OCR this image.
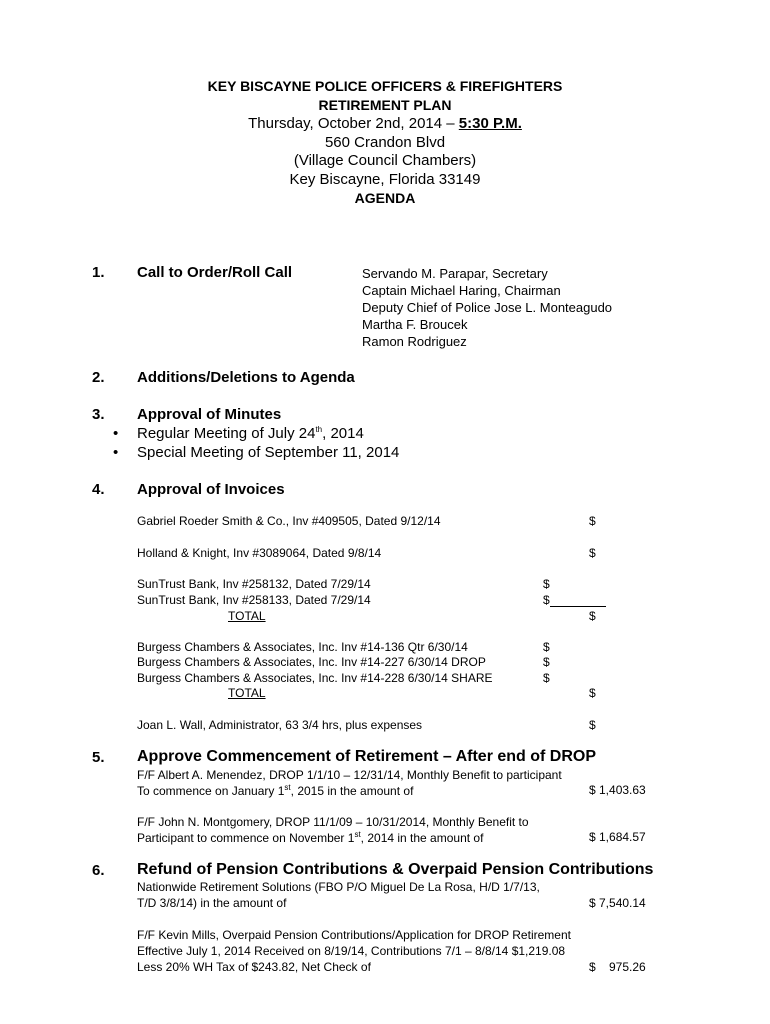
KEY BISCAYNE POLICE OFFICERS & FIREFIGHTERS
RETIREMENT PLAN
Thursday, October 2nd, 2014 – 5:30 P.M.
560 Crandon Blvd
(Village Council Chambers)
Key Biscayne, Florida 33149
AGENDA
1. Call to Order/Roll Call	Servando M. Parapar, Secretary
Captain Michael Haring, Chairman
Deputy Chief of Police Jose L. Monteagudo
Martha F. Broucek
Ramon Rodriguez
2. Additions/Deletions to Agenda
3. Approval of Minutes
• Regular Meeting of July 24th, 2014
• Special Meeting of September 11, 2014
4. Approval of Invoices
Gabriel Roeder Smith & Co., Inv #409505, Dated 9/12/14	$
Holland & Knight, Inv #3089064, Dated 9/8/14	$
SunTrust Bank, Inv #258132, Dated 7/29/14	$
SunTrust Bank, Inv #258133, Dated 7/29/14	$
TOTAL	$
Burgess Chambers & Associates, Inc. Inv #14-136 Qtr 6/30/14	$
Burgess Chambers & Associates, Inc. Inv #14-227 6/30/14 DROP	$
Burgess Chambers & Associates, Inc. Inv #14-228 6/30/14 SHARE	$
TOTAL	$
Joan L. Wall, Administrator, 63 3/4 hrs, plus expenses	$
5. Approve Commencement of Retirement – After end of DROP
F/F Albert A. Menendez, DROP 1/1/10 – 12/31/14, Monthly Benefit to participant
To commence on January 1st, 2015 in the amount of	$ 1,403.63
F/F John N. Montgomery, DROP 11/1/09 – 10/31/2014, Monthly Benefit to
Participant to commence on November 1st, 2014 in the amount of	$ 1,684.57
6. Refund of Pension Contributions & Overpaid Pension Contributions
Nationwide Retirement Solutions (FBO P/O Miguel De La Rosa, H/D 1/7/13,
T/D 3/8/14) in the amount of	$ 7,540.14
F/F Kevin Mills, Overpaid Pension Contributions/Application for DROP Retirement
Effective July 1, 2014 Received on 8/19/14, Contributions 7/1 – 8/8/14 $1,219.08
Less 20% WH Tax of $243.82, Net Check of	$ 975.26
